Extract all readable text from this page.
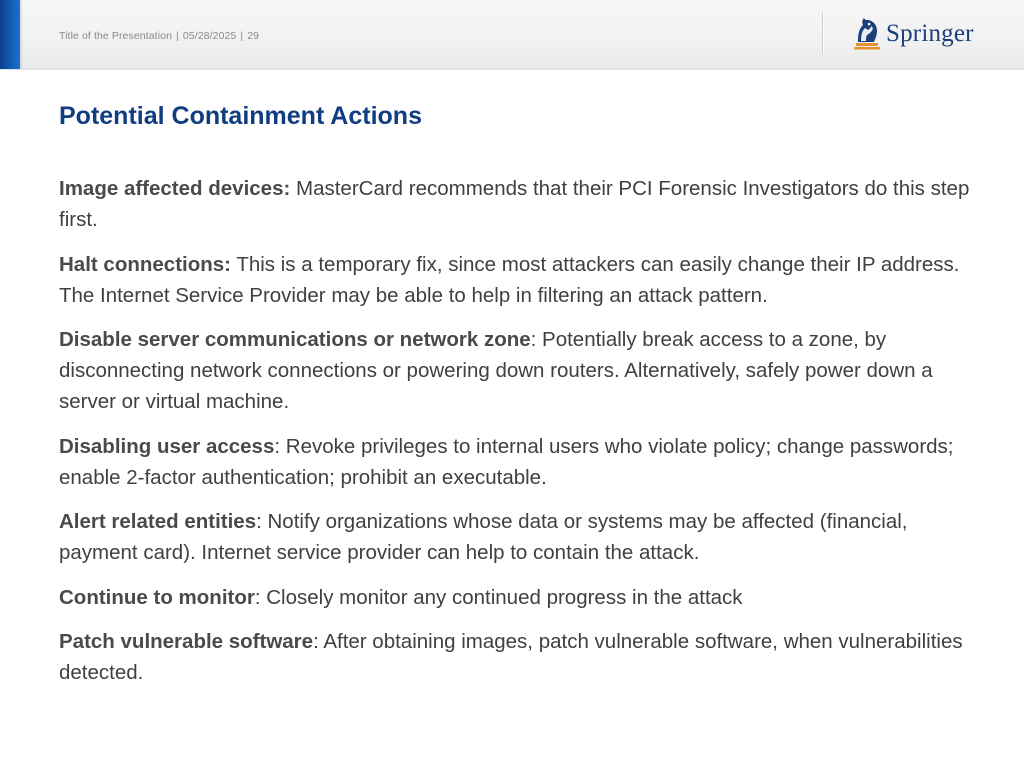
Title of the Presentation | 05/28/2025 | 29	Springer
Potential Containment Actions

Image affected devices: MasterCard recommends that their PCI Forensic Investigators do this step first.

Halt connections: This is a temporary fix, since most attackers can easily change their IP address. The Internet Service Provider may be able to help in filtering an attack pattern.

Disable server communications or network zone: Potentially break access to a zone, by disconnecting network connections or powering down routers. Alternatively, safely power down a server or virtual machine.

Disabling user access: Revoke privileges to internal users who violate policy; change passwords; enable 2-factor authentication; prohibit an executable.

Alert related entities: Notify organizations whose data or systems may be affected (financial, payment card). Internet service provider can help to contain the attack.

Continue to monitor: Closely monitor any continued progress in the attack

Patch vulnerable software: After obtaining images, patch vulnerable software, when vulnerabilities detected.
